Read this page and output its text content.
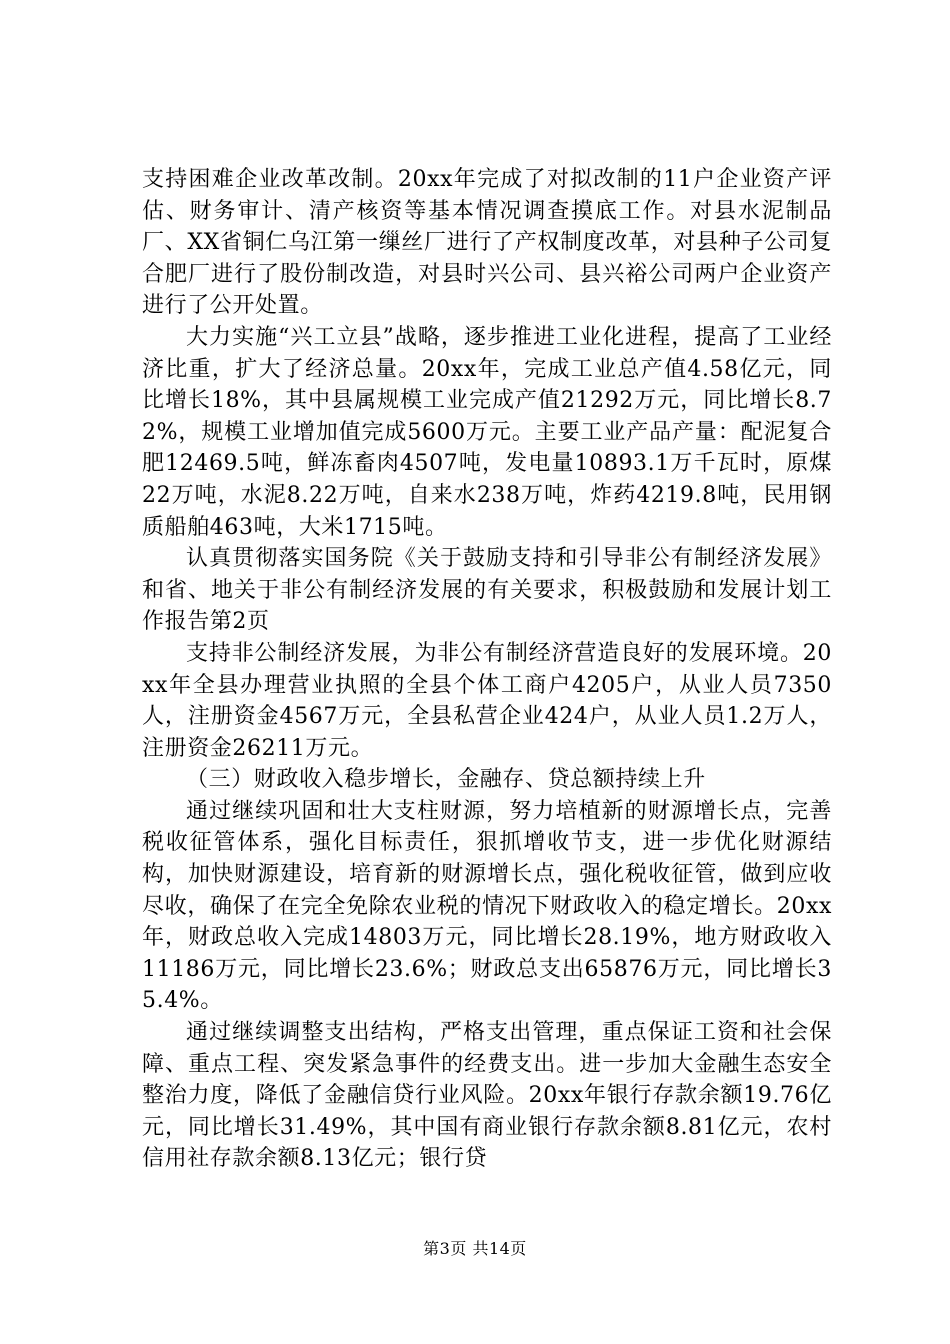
支持困难企业改革改制。20xx年完成了对拟改制的11户企业资产评估、财务审计、清产核资等基本情况调查摸底工作。对县水泥制品厂、XX省铜仁乌江第一缫丝厂进行了产权制度改革，对县种子公司复合肥厂进行了股份制改造，对县时兴公司、县兴裕公司两户企业资产进行了公开处置。

大力实施“兴工立县”战略，逐步推进工业化进程，提高了工业经济比重，扩大了经济总量。20xx年，完成工业总产值4.58亿元，同比增长18%，其中县属规模工业完成产值21292万元，同比增长8.72%，规模工业增加值完成5600万元。主要工业产品产量：配泥复合肥12469.5吨，鲜冻畜肉4507吨，发电量10893.1万千瓦时，原煤22万吨，水泥8.22万吨，自来水238万吨，炸药4219.8吨，民用钢质船舶463吨，大米1715吨。

认真贯彻落实国务院《关于鼓励支持和引导非公有制经济发展》和省、地关于非公有制经济发展的有关要求，积极鼓励和发展计划工作报告第2页

支持非公制经济发展，为非公有制经济营造良好的发展环境。20xx年全县办理营业执照的全县个体工商户4205户，从业人员7350人，注册资金4567万元，全县私营企业424户，从业人员1.2万人，注册资金26211万元。

（三）财政收入稳步增长，金融存、贷总额持续上升

通过继续巩固和壮大支柱财源，努力培植新的财源增长点，完善税收征管体系，强化目标责任，狠抓增收节支，进一步优化财源结构，加快财源建设，培育新的财源增长点，强化税收征管，做到应收尽收，确保了在完全免除农业税的情况下财政收入的稳定增长。20xx年，财政总收入完成14803万元，同比增长28.19%，地方财政收入11186万元，同比增长23.6%；财政总支出65876万元，同比增长35.4%。

通过继续调整支出结构，严格支出管理，重点保证工资和社会保障、重点工程、突发紧急事件的经费支出。进一步加大金融生态安全整治力度，降低了金融信贷行业风险。20xx年银行存款余额19.76亿元，同比增长31.49%，其中国有商业银行存款余额8.81亿元，农村信用社存款余额8.13亿元；银行贷

第3页 共14页
